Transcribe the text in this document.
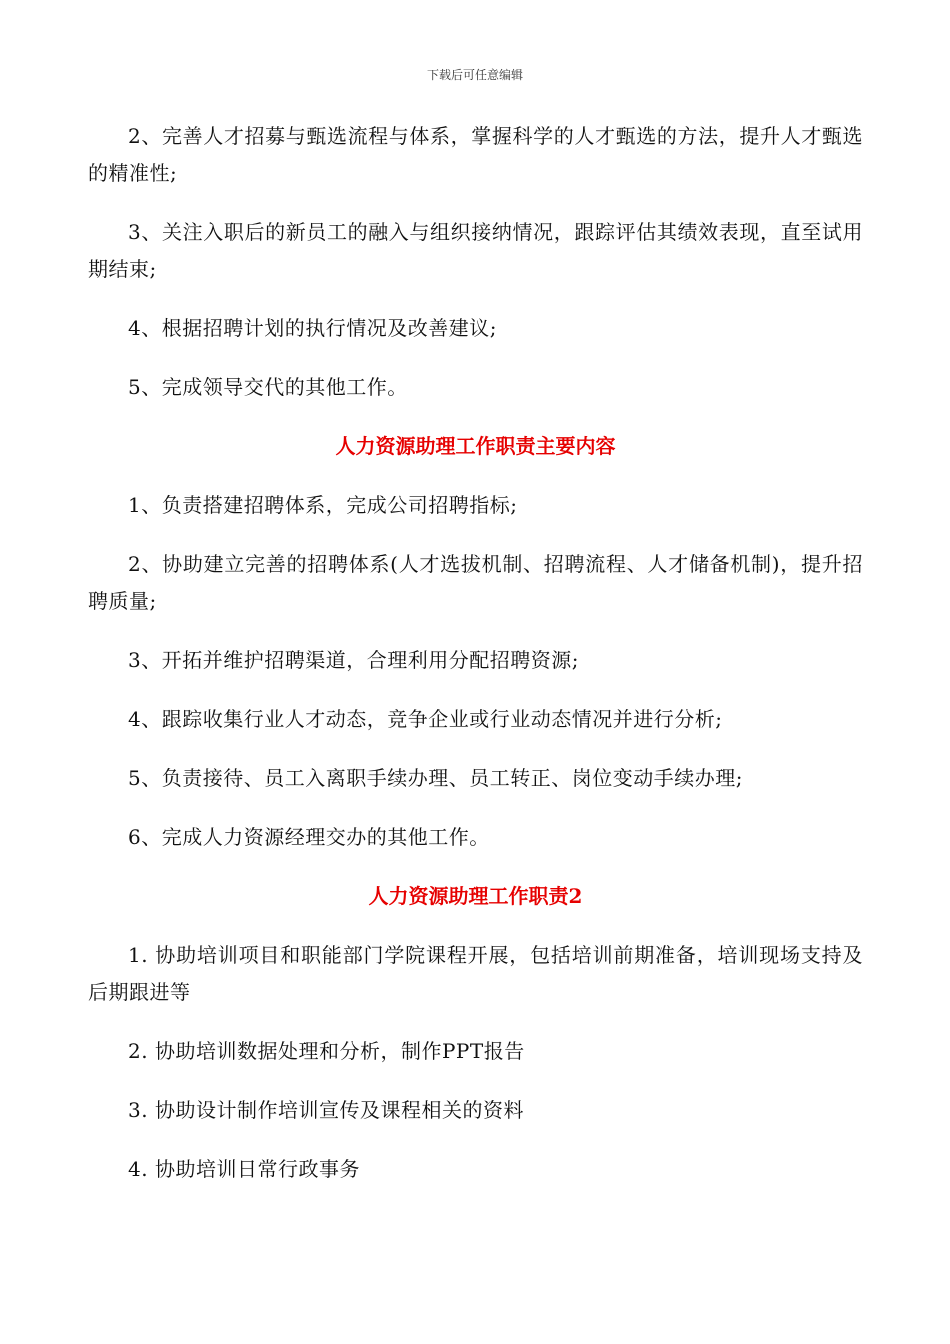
下载后可任意编辑

2、完善人才招募与甄选流程与体系，掌握科学的人才甄选的方法，提升人才甄选的精准性;

3、关注入职后的新员工的融入与组织接纳情况，跟踪评估其绩效表现，直至试用期结束;

4、根据招聘计划的执行情况及改善建议;

5、完成领导交代的其他工作。

人力资源助理工作职责主要内容

1、负责搭建招聘体系，完成公司招聘指标;

2、协助建立完善的招聘体系(人才选拔机制、招聘流程、人才储备机制)，提升招聘质量;

3、开拓并维护招聘渠道，合理利用分配招聘资源;

4、跟踪收集行业人才动态，竞争企业或行业动态情况并进行分析;

5、负责接待、员工入离职手续办理、员工转正、岗位变动手续办理;

6、完成人力资源经理交办的其他工作。

人力资源助理工作职责2

1. 协助培训项目和职能部门学院课程开展，包括培训前期准备，培训现场支持及后期跟进等

2. 协助培训数据处理和分析，制作PPT报告

3. 协助设计制作培训宣传及课程相关的资料

4. 协助培训日常行政事务
